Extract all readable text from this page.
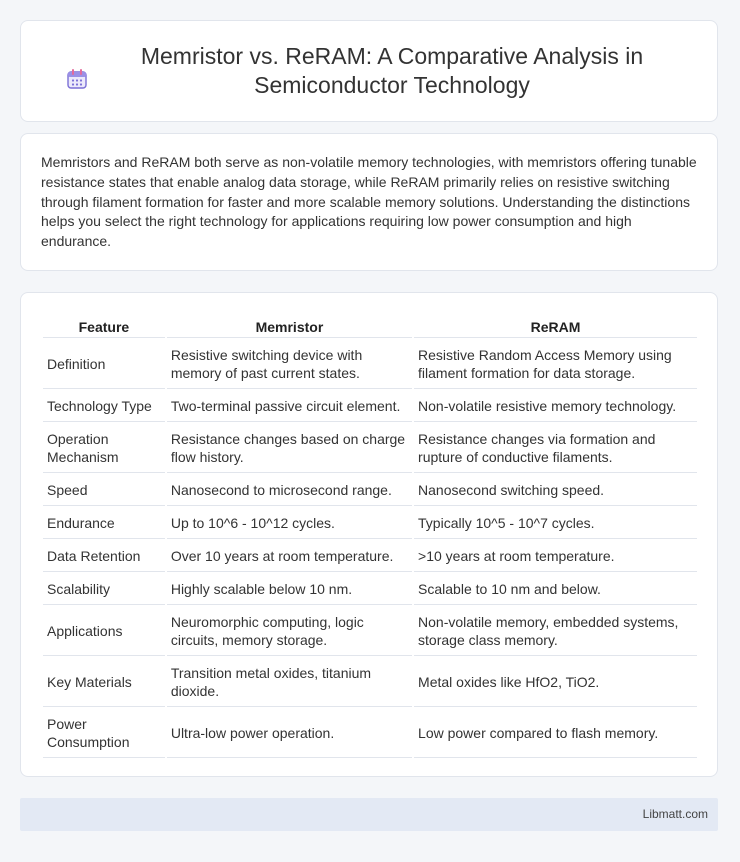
Memristor vs. ReRAM: A Comparative Analysis in Semiconductor Technology

Memristors and ReRAM both serve as non-volatile memory technologies, with memristors offering tunable resistance states that enable analog data storage, while ReRAM primarily relies on resistive switching through filament formation for faster and more scalable memory solutions. Understanding the distinctions helps you select the right technology for applications requiring low power consumption and high endurance.

Feature	Memristor	ReRAM
Definition	Resistive switching device with memory of past current states.	Resistive Random Access Memory using filament formation for data storage.
Technology Type	Two-terminal passive circuit element.	Non-volatile resistive memory technology.
Operation Mechanism	Resistance changes based on charge flow history.	Resistance changes via formation and rupture of conductive filaments.
Speed	Nanosecond to microsecond range.	Nanosecond switching speed.
Endurance	Up to 10^6 - 10^12 cycles.	Typically 10^5 - 10^7 cycles.
Data Retention	Over 10 years at room temperature.	>10 years at room temperature.
Scalability	Highly scalable below 10 nm.	Scalable to 10 nm and below.
Applications	Neuromorphic computing, logic circuits, memory storage.	Non-volatile memory, embedded systems, storage class memory.
Key Materials	Transition metal oxides, titanium dioxide.	Metal oxides like HfO2, TiO2.
Power Consumption	Ultra-low power operation.	Low power compared to flash memory.
Libmatt.com
